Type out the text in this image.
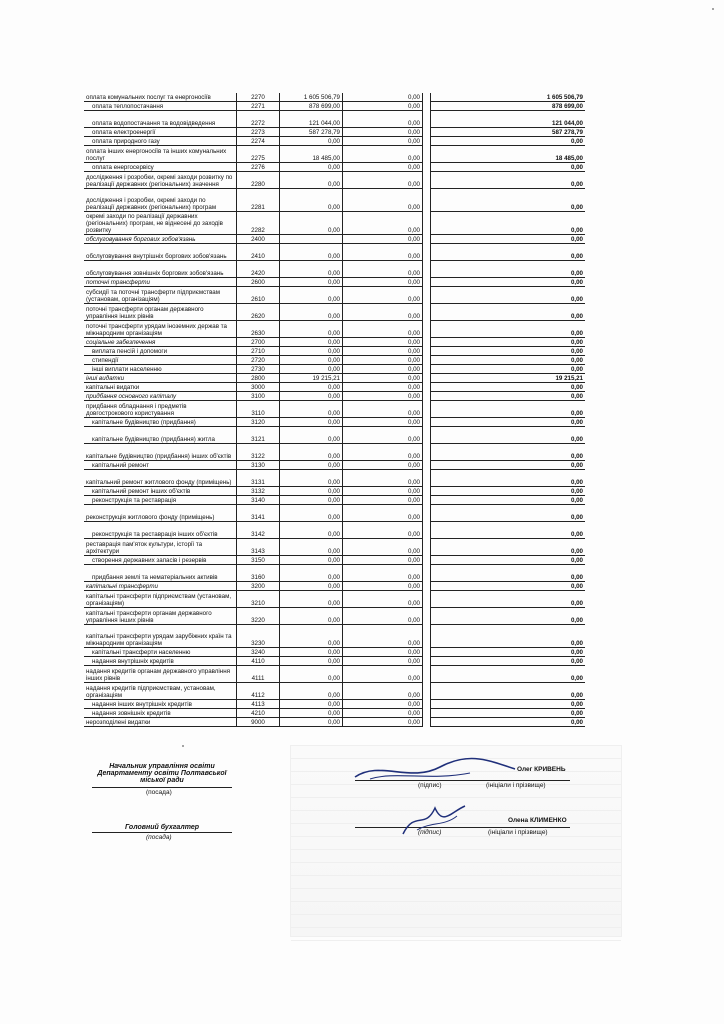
оплата комунальних послуг та енергоносіїв	2270	1 605 506,79		0,00		1 605 506,79
оплата теплопостачання	2271	878 699,00		0,00		878 699,00
оплата водопостачання та водовідведення	2272	121 044,00		0,00		121 044,00
оплата електроенергії	2273	587 278,79		0,00		587 278,79
оплата природного газу	2274	0,00		0,00		0,00
оплата інших енергоносіїв та інших комунальних послуг	2275	18 485,00		0,00		18 485,00
оплата енергосервісу	2276	0,00		0,00		0,00
дослідження і розробки, окремі заходи розвитку по реалізації державних (регіональних) значення	2280	0,00		0,00		0,00
дослідження і розробки, окремі заходи по реалізації державних (регіональних) програм	2281	0,00		0,00		0,00
окремі заходи по реалізації державних (регіональних) програм, не віднесені до заходів розвитку	2282	0,00		0,00		0,00
обслуговування боргових зобов'язань	2400			0,00		0,00
обслуговування внутрішніх боргових зобов'язань	2410	0,00		0,00		0,00
обслуговування зовнішніх боргових зобов'язань	2420	0,00		0,00		0,00
поточні трансферти	2600	0,00		0,00		0,00
субсидії та поточні трансферти підприємствам (установам, організаціям)	2610	0,00		0,00		0,00
поточні трансферти органам державного управління інших рівнів	2620	0,00		0,00		0,00
поточні трансферти урядам іноземних держав та міжнародним організаціям	2630	0,00		0,00		0,00
соціальне забезпечення	2700	0,00		0,00		0,00
виплата пенсій і допомоги	2710	0,00		0,00		0,00
стипендії	2720	0,00		0,00		0,00
інші виплати населенню	2730	0,00		0,00		0,00
інші видатки	2800	19 215,21		0,00		19 215,21
капітальні видатки	3000	0,00		0,00		0,00
придбання основного капіталу	3100	0,00		0,00		0,00
придбання обладнання і предметів довгострокового користування	3110	0,00		0,00		0,00
капітальне будівництво (придбання)	3120	0,00		0,00		0,00
капітальне будівництво (придбання) житла	3121	0,00		0,00		0,00
капітальне будівництво (придбання) інших об'єктів	3122	0,00		0,00		0,00
капітальний ремонт	3130	0,00		0,00		0,00
капітальний ремонт житлового фонду (приміщень)	3131	0,00		0,00		0,00
капітальний ремонт інших об'єктів	3132	0,00		0,00		0,00
реконструкція та реставрація	3140	0,00		0,00		0,00
реконструкція житлового фонду (приміщень)	3141	0,00		0,00		0,00
реконструкція та реставрація інших об'єктів	3142	0,00		0,00		0,00
реставрація пам'яток культури, історії та архітектури	3143	0,00		0,00		0,00
створення державних запасів і резервів	3150	0,00		0,00		0,00
придбання землі та нематеріальних активів	3160	0,00		0,00		0,00
капітальні трансферти	3200	0,00		0,00		0,00
капітальні трансферти підприємствам (установам, організаціям)	3210	0,00		0,00		0,00
капітальні трансферти органам державного управління інших рівнів	3220	0,00		0,00		0,00
капітальні трансферти урядам зарубіжних країн та міжнародним організаціям	3230	0,00		0,00		0,00
капітальні трансферти населенню	3240	0,00		0,00		0,00
надання внутрішніх кредитів	4110	0,00		0,00		0,00
надання кредитів органам державного управління інших рівнів	4111	0,00		0,00		0,00
надання кредитів підприємствам, установам, організаціям	4112	0,00		0,00		0,00
надання інших внутрішніх кредитів	4113	0,00		0,00		0,00
надання зовнішніх кредитів	4210	0,00		0,00		0,00
нерозподілені видатки	9000	0,00		0,00		0,00
Начальник управління освіти
Департаменту освіти Полтавської
міської ради
(посада)
(підпис)	(ініціали і прізвище)
Олег КРИВЕНЬ
Головний бухгалтер
(посада)
(підпис)	(ініціали і прізвище)
Олена КЛИМЕНКО
